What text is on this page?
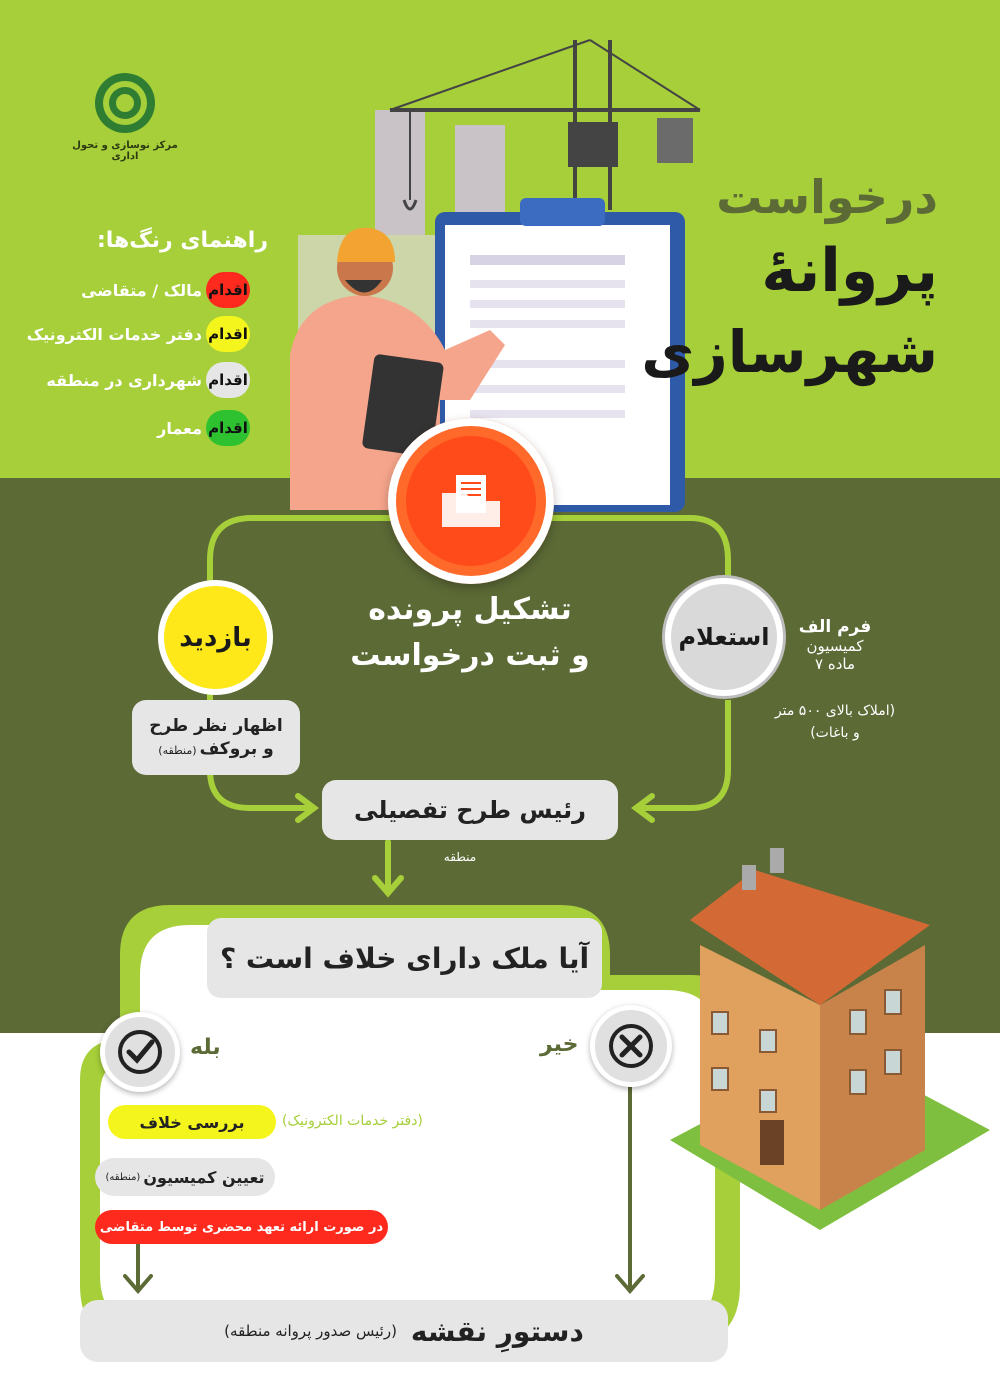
مرکز نوسازی و تحول اداری
درخواست
پروانۀ
شهرسازی
راهنمای رنگ‌ها:
اقدام
مالک / متقاضی
اقدام
دفتر خدمات الکترونیک
اقدام
شهرداری در منطقه
اقدام
معمار
تشکیل پرونده
و ثبت درخواست
بازدید
اظهار نظر طرح
و بروکف
(منطقه)
استعلام	فرم الف
کمیسیون
ماده ۷
(املاک بالای ۵۰۰ متر
و باغات)
رئیس طرح تفصیلی
منطقه
آیا ملک دارای خلاف است ؟
بله	خیر
بررسی خلاف	(دفتر خدمات الکترونیک)
تعیین کمیسیون
(منطقه)
در صورت ارائه تعهد محضری توسط متقاضی
دستورِ نقشه
(رئیس صدور پروانه منطقه)
